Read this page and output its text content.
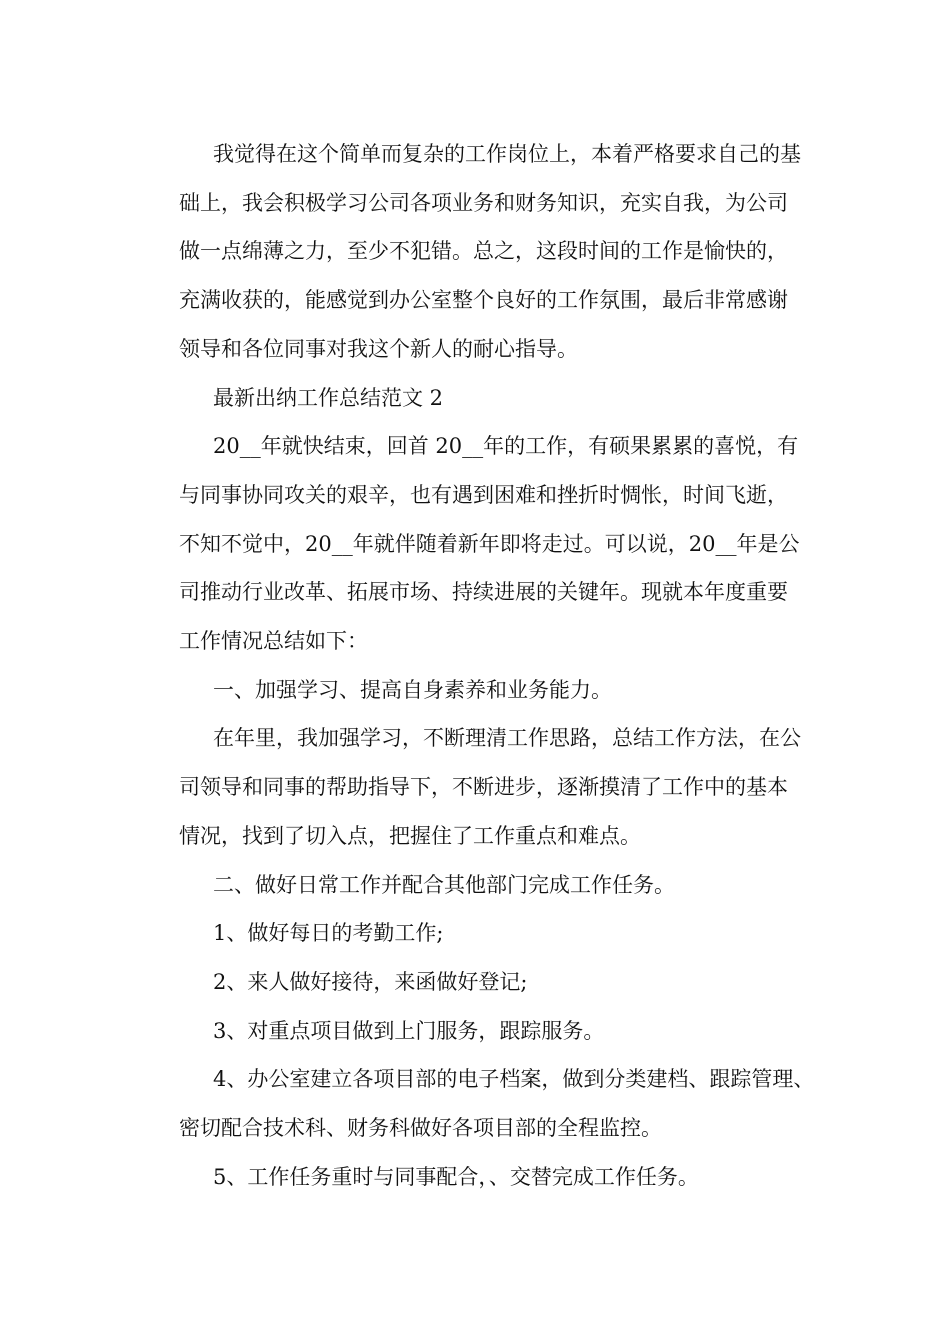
我觉得在这个简单而复杂的工作岗位上，本着严格要求自己的基
础上，我会积极学习公司各项业务和财务知识，充实自我，为公司
做一点绵薄之力，至少不犯错。总之，这段时间的工作是愉快的，
充满收获的，能感觉到办公室整个良好的工作氛围，最后非常感谢
领导和各位同事对我这个新人的耐心指导。

最新出纳工作总结范文 2

20__年就快结束，回首 20__年的工作，有硕果累累的喜悦，有
与同事协同攻关的艰辛，也有遇到困难和挫折时惆怅，时间飞逝，
不知不觉中，20__年就伴随着新年即将走过。可以说，20__年是公
司推动行业改革、拓展市场、持续进展的关键年。现就本年度重要
工作情况总结如下：

一、加强学习、提高自身素养和业务能力。

在年里，我加强学习，不断理清工作思路，总结工作方法，在公
司领导和同事的帮助指导下，不断进步，逐渐摸清了工作中的基本
情况，找到了切入点，把握住了工作重点和难点。

二、做好日常工作并配合其他部门完成工作任务。

1、做好每日的考勤工作;

2、来人做好接待，来函做好登记;

3、对重点项目做到上门服务，跟踪服务。

4、办公室建立各项目部的电子档案，做到分类建档、跟踪管理、
密切配合技术科、财务科做好各项目部的全程监控。

5、工作任务重时与同事配合，、交替完成工作任务。
